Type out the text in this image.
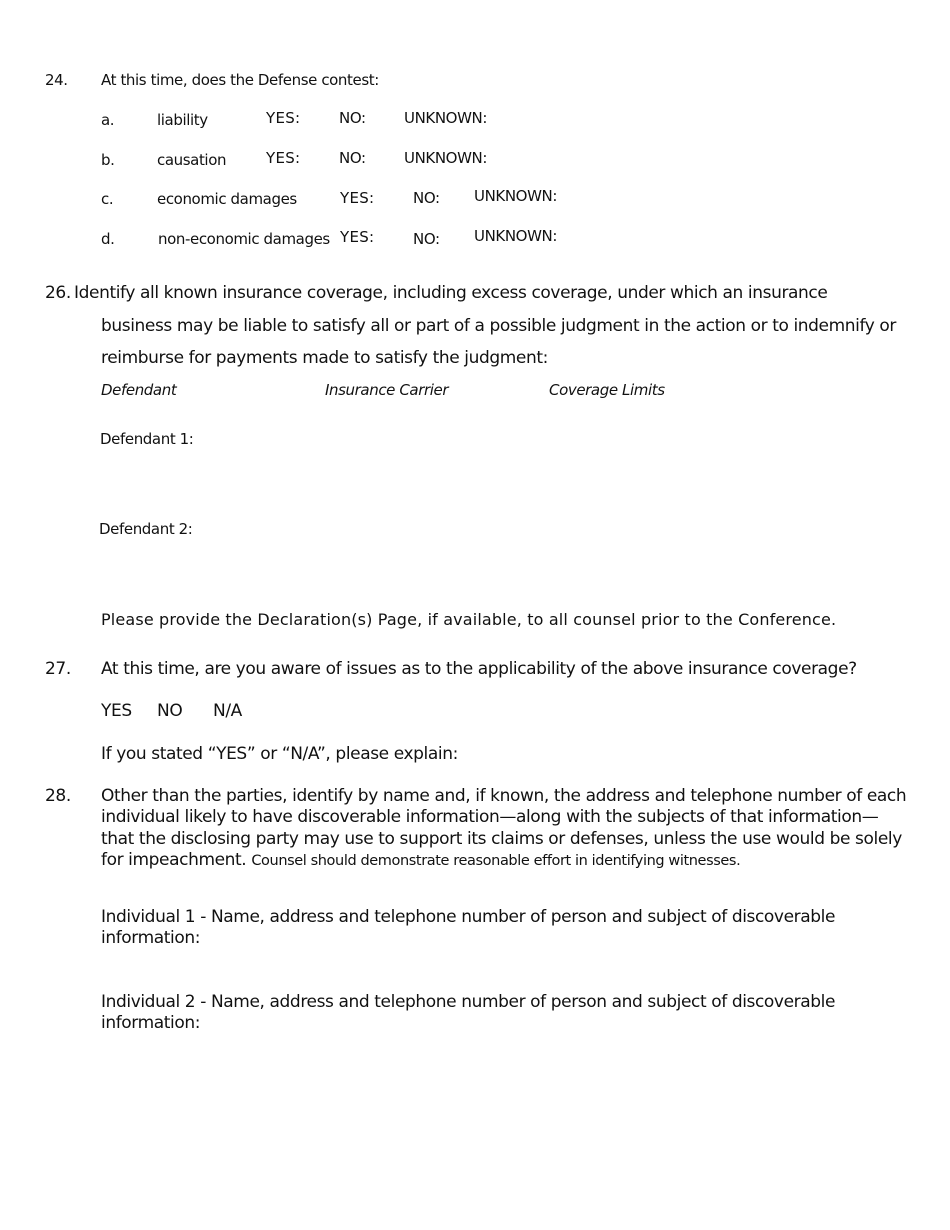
24. At this time, does the Defense contest:
a.	liability	YES:	NO:	UNKNOWN:
b.	causation	YES:	NO:	UNKNOWN:
c.	economic damages	YES:	NO: UNKNOWN:
d.	non-economic damages YES:	NO: UNKNOWN:
26. Identify all known insurance coverage, including excess coverage, under which an insurance
business may be liable to satisfy all or part of a possible judgment in the action or to indemnify or
reimburse for payments made to satisfy the judgment:
Defendant	Insurance Carrier	Coverage Limits
Defendant 1:
Defendant 2:
Please provide the Declaration(s) Page, if available, to all counsel prior to the Conference.
27. At this time, are you aware of issues as to the applicability of the above insurance coverage?
YES NO N/A
If you stated “YES” or “N/A”, please explain:
28. Other than the parties, identify by name and, if known, the address and telephone number of each
individual likely to have discoverable information—along with the subjects of that information—
that the disclosing party may use to support its claims or defenses, unless the use would be solely
for impeachment. Counsel should demonstrate reasonable effort in identifying witnesses.
Individual 1 - Name, address and telephone number of person and subject of discoverable
information:
Individual 2 - Name, address and telephone number of person and subject of discoverable
information:
